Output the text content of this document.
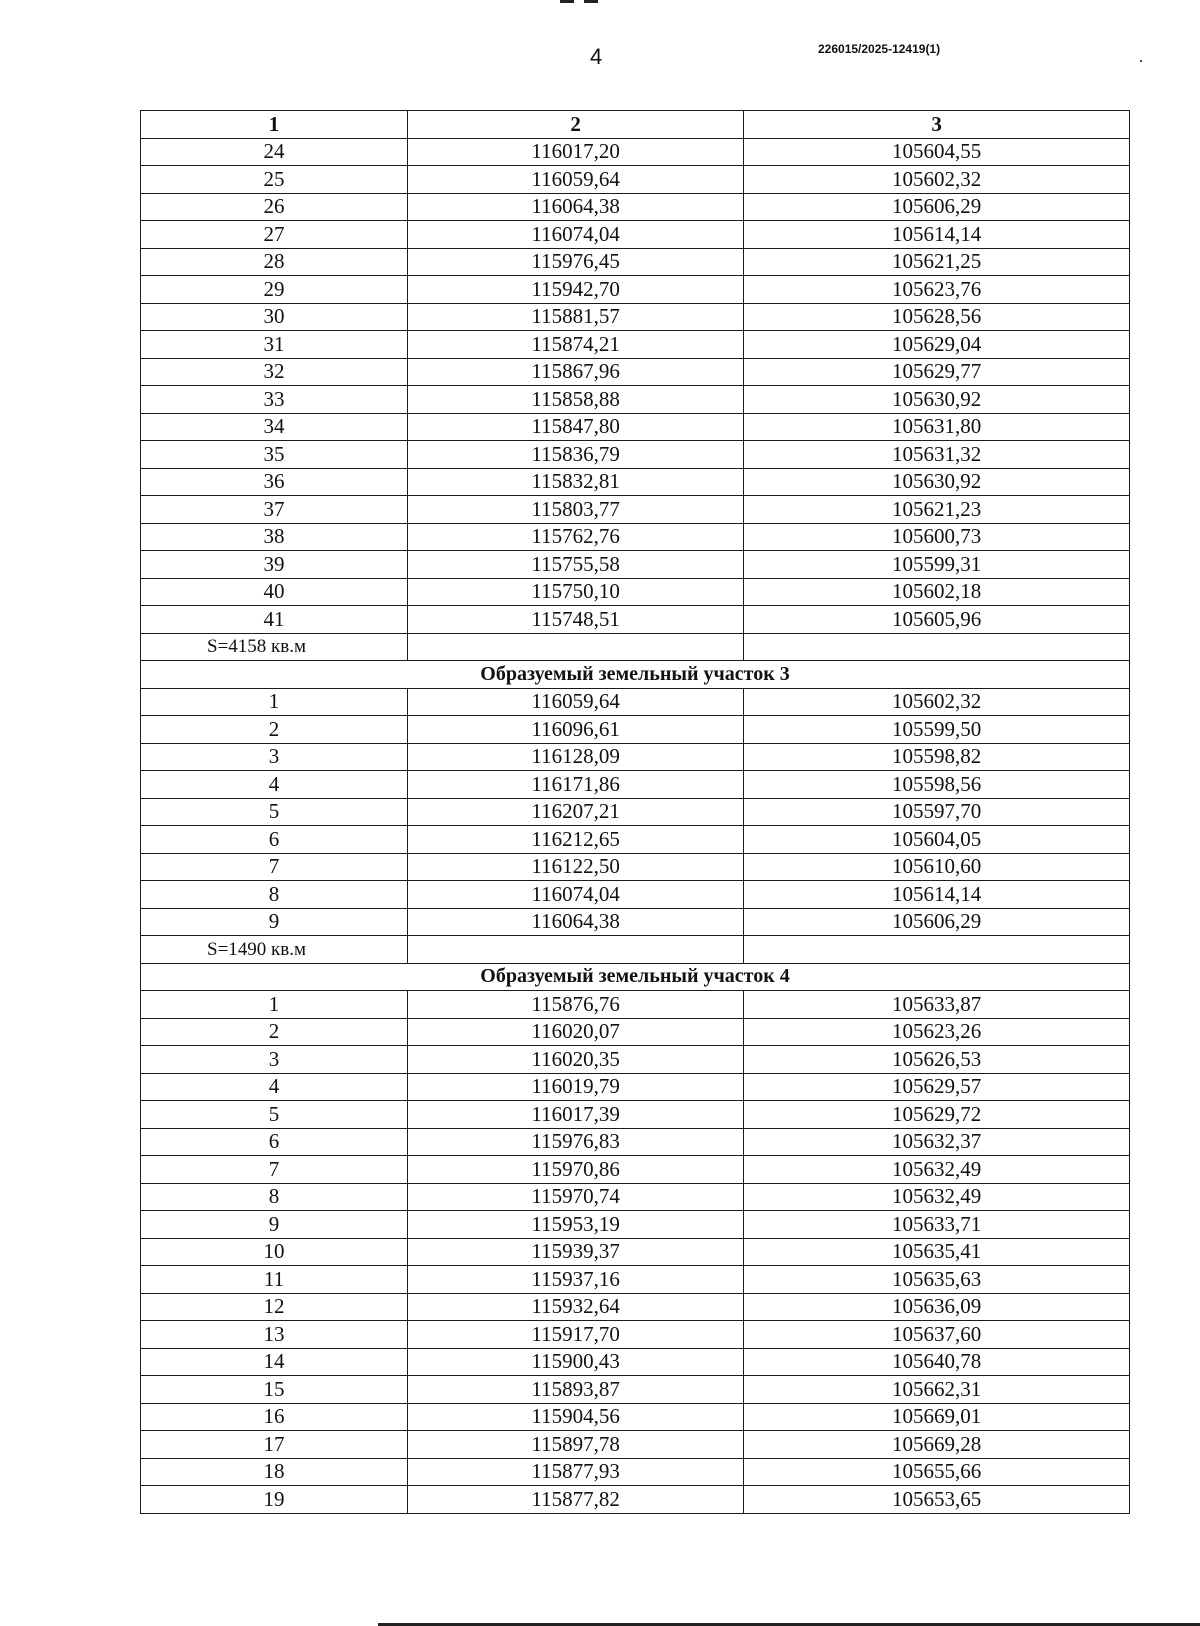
4	226015/2025-12419(1)
1	2	3
24	116017,20	105604,55
25	116059,64	105602,32
26	116064,38	105606,29
27	116074,04	105614,14
28	115976,45	105621,25
29	115942,70	105623,76
30	115881,57	105628,56
31	115874,21	105629,04
32	115867,96	105629,77
33	115858,88	105630,92
34	115847,80	105631,80
35	115836,79	105631,32
36	115832,81	105630,92
37	115803,77	105621,23
38	115762,76	105600,73
39	115755,58	105599,31
40	115750,10	105602,18
41	115748,51	105605,96
S=4158 кв.м		
Образуемый земельный участок 3		
1	116059,64	105602,32
2	116096,61	105599,50
3	116128,09	105598,82
4	116171,86	105598,56
5	116207,21	105597,70
6	116212,65	105604,05
7	116122,50	105610,60
8	116074,04	105614,14
9	116064,38	105606,29
S=1490 кв.м		
Образуемый земельный участок 4		
1	115876,76	105633,87
2	116020,07	105623,26
3	116020,35	105626,53
4	116019,79	105629,57
5	116017,39	105629,72
6	115976,83	105632,37
7	115970,86	105632,49
8	115970,74	105632,49
9	115953,19	105633,71
10	115939,37	105635,41
11	115937,16	105635,63
12	115932,64	105636,09
13	115917,70	105637,60
14	115900,43	105640,78
15	115893,87	105662,31
16	115904,56	105669,01
17	115897,78	105669,28
18	115877,93	105655,66
19	115877,82	105653,65
